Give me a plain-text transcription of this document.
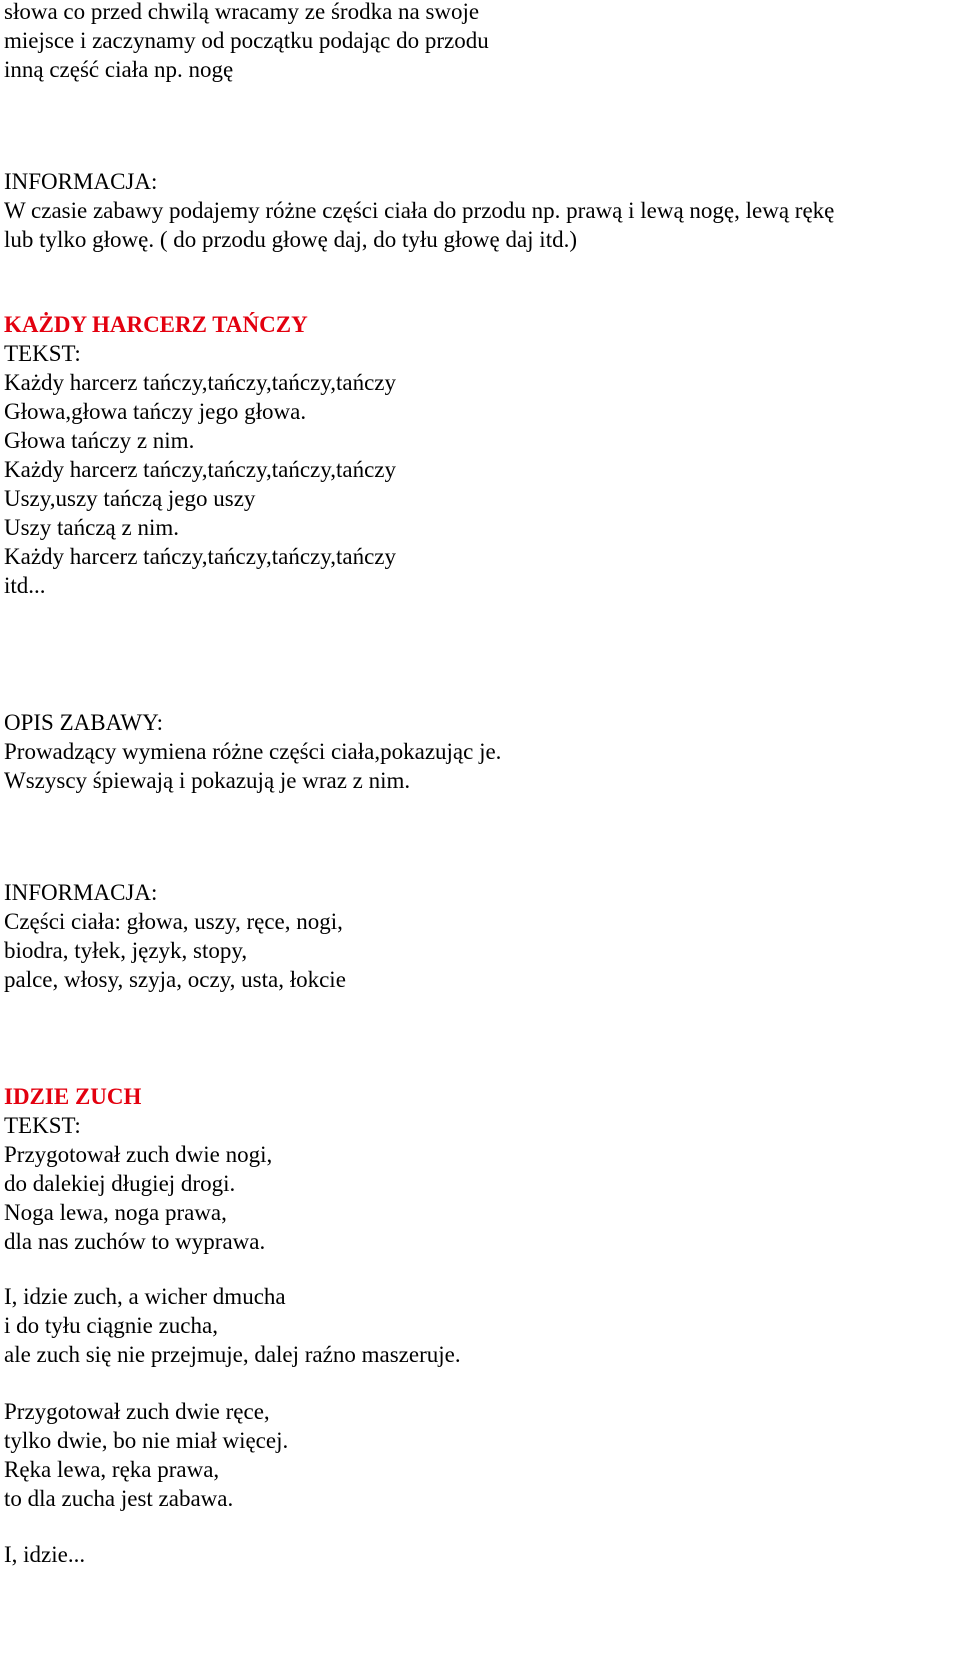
słowa co przed chwilą wracamy ze środka na swoje
miejsce i zaczynamy od początku podając do przodu
inną część ciała np. nogę
INFORMACJA:
W czasie zabawy podajemy różne części ciała do przodu np. prawą i lewą nogę, lewą rękę
lub tylko głowę. ( do przodu głowę daj, do tyłu głowę daj itd.)
KAŻDY HARCERZ TAŃCZY
TEKST:
Każdy harcerz tańczy,tańczy,tańczy,tańczy
Głowa,głowa tańczy jego głowa.
Głowa tańczy z nim.
Każdy harcerz tańczy,tańczy,tańczy,tańczy
Uszy,uszy tańczą jego uszy
Uszy tańczą z nim.
Każdy harcerz tańczy,tańczy,tańczy,tańczy
itd...
OPIS ZABAWY:
Prowadzący wymiena różne części ciała,pokazując je.
Wszyscy śpiewają i pokazują je wraz z nim.
INFORMACJA:
Części ciała: głowa, uszy, ręce, nogi,
biodra, tyłek, język, stopy,
palce, włosy, szyja, oczy, usta, łokcie
IDZIE ZUCH
TEKST:
Przygotował zuch dwie nogi,
do dalekiej długiej drogi.
Noga lewa, noga prawa,
dla nas zuchów to wyprawa.
I, idzie zuch, a wicher dmucha
i do tyłu ciągnie zucha,
ale zuch się nie przejmuje, dalej raźno maszeruje.
Przygotował zuch dwie ręce,
tylko dwie, bo nie miał więcej.
Ręka lewa, ręka prawa,
to dla zucha jest zabawa.
I, idzie...
